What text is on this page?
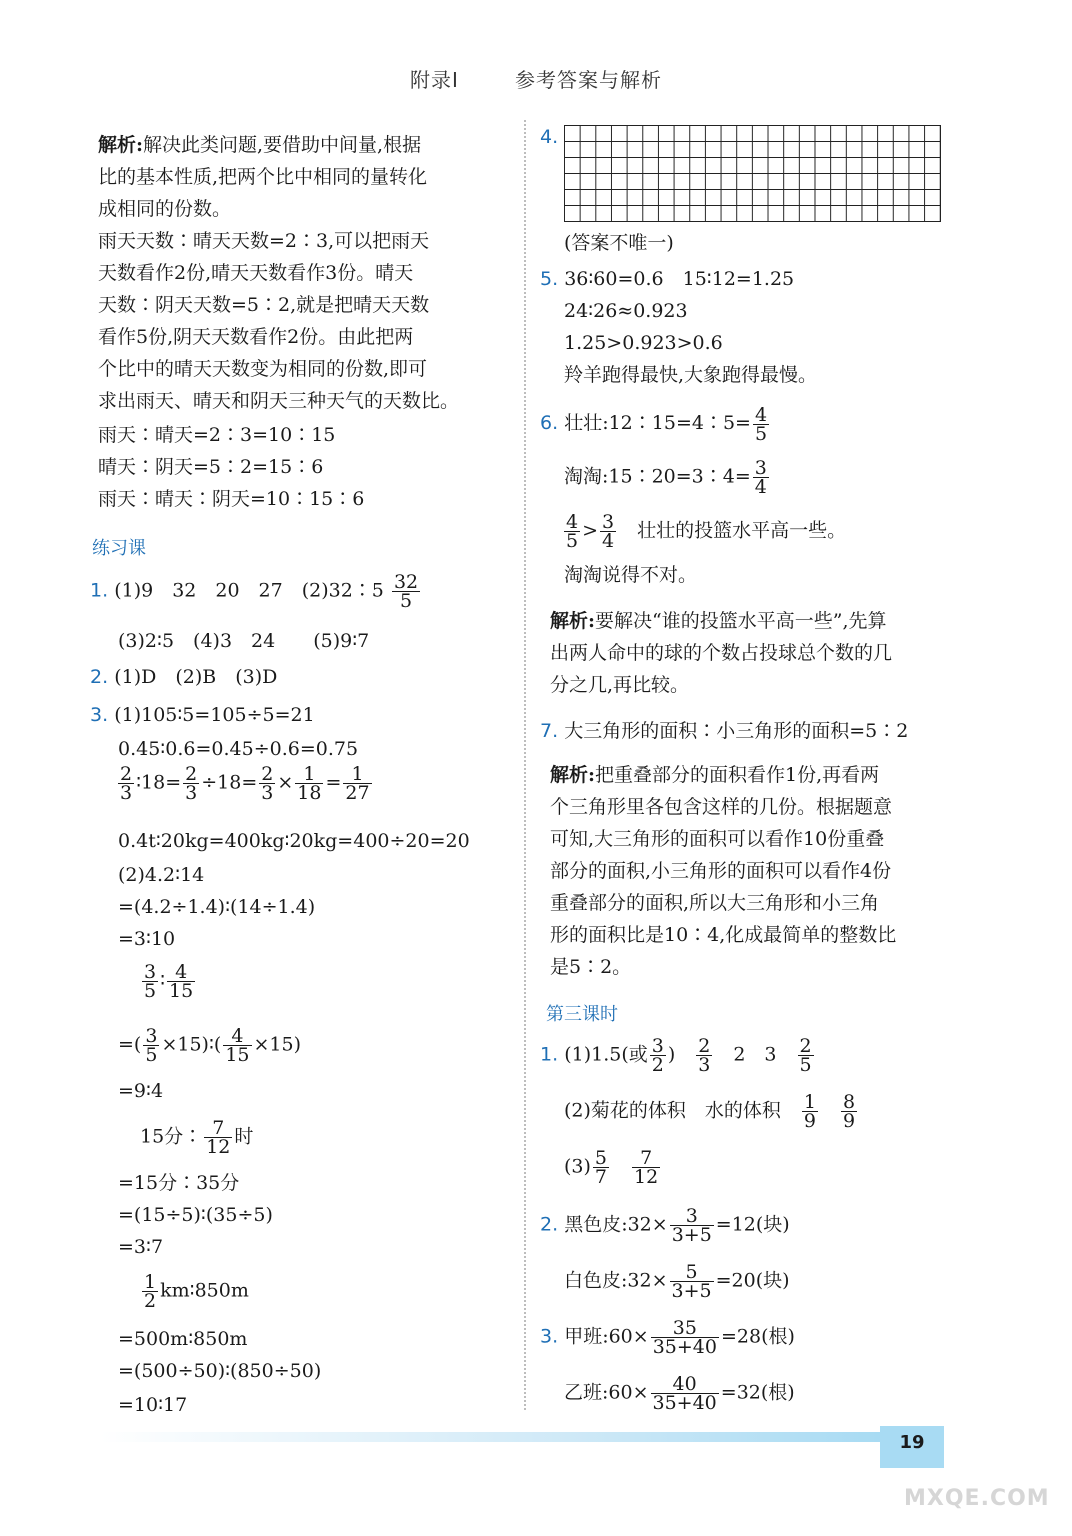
附录Ⅰ	参考答案与解析
解析:解决此类问题,要借助中间量,根据
比的基本性质,把两个比中相同的量转化
成相同的份数。
雨天天数∶晴天天数=2∶3,可以把雨天
天数看作2份,晴天天数看作3份。晴天
天数∶阴天天数=5∶2,就是把晴天天数
看作5份,阴天天数看作2份。由此把两
个比中的晴天天数变为相同的份数,即可
求出雨天、晴天和阴天三种天气的天数比。
雨天∶晴天=2∶3=10∶15
晴天∶阴天=5∶2=15∶6
雨天∶晴天∶阴天=10∶15∶6
练习课
1. (1)9　32　20　27　(2)32∶5 $\frac{32}{5}$
(3)2∶5　(4)3　24　　(5)9∶7
2. (1)D　(2)B　(3)D
3. (1)105∶5=105÷5=21
0.45∶0.6=0.45÷0.6=0.75
$\frac{2}{3}$ ∶18= $\frac{2}{3} \div 18= \frac{2}{3} \times \frac{1}{18} = \frac{1}{27}$
0.4t∶20kg=400kg∶20kg=400÷20=20
(2)4.2∶14
=(4.2÷1.4)∶(14÷1.4)
=3∶10
$\frac{3}{5}$ ∶ $\frac{4}{15}$
=( $\frac{3}{5}$ ×15)∶( $\frac{4}{15} \times 15$)
=9∶4
15分∶ $\frac{7}{12}$ 时
=15分∶35分
=(15÷5)∶(35÷5)
=3∶7
$\frac{1}{2}$ km∶850m
=500m∶850m
=(500÷50)∶(850÷50)
=10∶17
4.
(答案不唯一)
5. 36∶60=0.6　15∶12=1.25
24∶26≈0.923
1.25>0.923>0.6
羚羊跑得最快,大象跑得最慢。
6. 壮壮:12∶15=4∶5= $\frac{4}{5}$
淘淘:15∶20=3∶4= $\frac{3}{4}$
$\frac{4}{5} > \frac{3}{4}$ 　壮壮的投篮水平高一些。
淘淘说得不对。
解析:要解决“谁的投篮水平高一些”,先算
出两人命中的球的个数占投球总个数的几
分之几,再比较。
7. 大三角形的面积∶小三角形的面积=5∶2
解析:把重叠部分的面积看作1份,再看两
个三角形里各包含这样的几份。根据题意
可知,大三角形的面积可以看作10份重叠
部分的面积,小三角形的面积可以看作4份
重叠部分的面积,所以大三角形和小三角
形的面积比是10∶4,化成最简单的整数比
是5∶2。
第三课时
1. (1)1.5(或 $\frac{3}{2}$ )　 $\frac{2}{3}$ 　2　3　 $\frac{2}{5}$
(2)菊花的体积　水的体积　 $\frac{1}{9}$
　 $\frac{8}{9}$
$(3) \frac{5}{7}$
　 $\frac{7}{12}$
2. 黑色皮:32× $\frac{3}{3+5} =12$(块)
白色皮:32× $\frac{5}{3+5} =20$(块)
3. 甲班:60× $\frac{35}{35+40} =28$(根)
乙班:60× $\frac{40}{35+40} =32$(根)
19
MXQE.COM
